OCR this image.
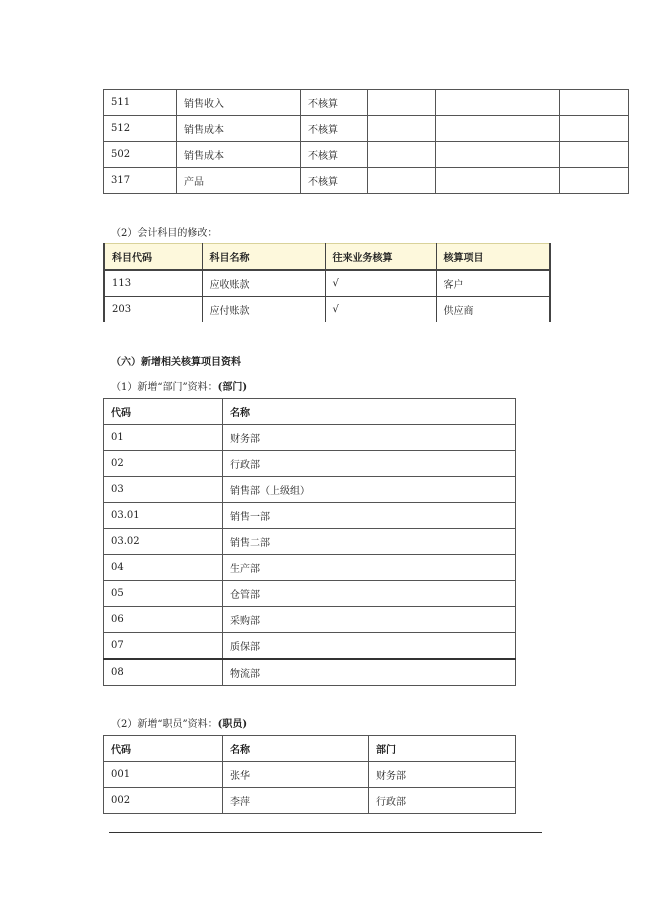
511	销售收入	不核算			
512	销售成本	不核算			
502	销售成本	不核算			
317	产品	不核算			
（2）会计科目的修改：
科目代码	科目名称	往来业务核算	核算项目
113	应收账款	√	客户
203	应付账款	√	供应商
（六）新增相关核算项目资料
（1）新增“部门”资料：(部门)
代码	名称
01	财务部
02	行政部
03	销售部（上级组）
03.01	销售一部
03.02	销售二部
04	生产部
05	仓管部
06	采购部
07	质保部
08	物流部
（2）新增“职员”资料：(职员)
代码	名称	部门
001	张华	财务部
002	李萍	行政部
